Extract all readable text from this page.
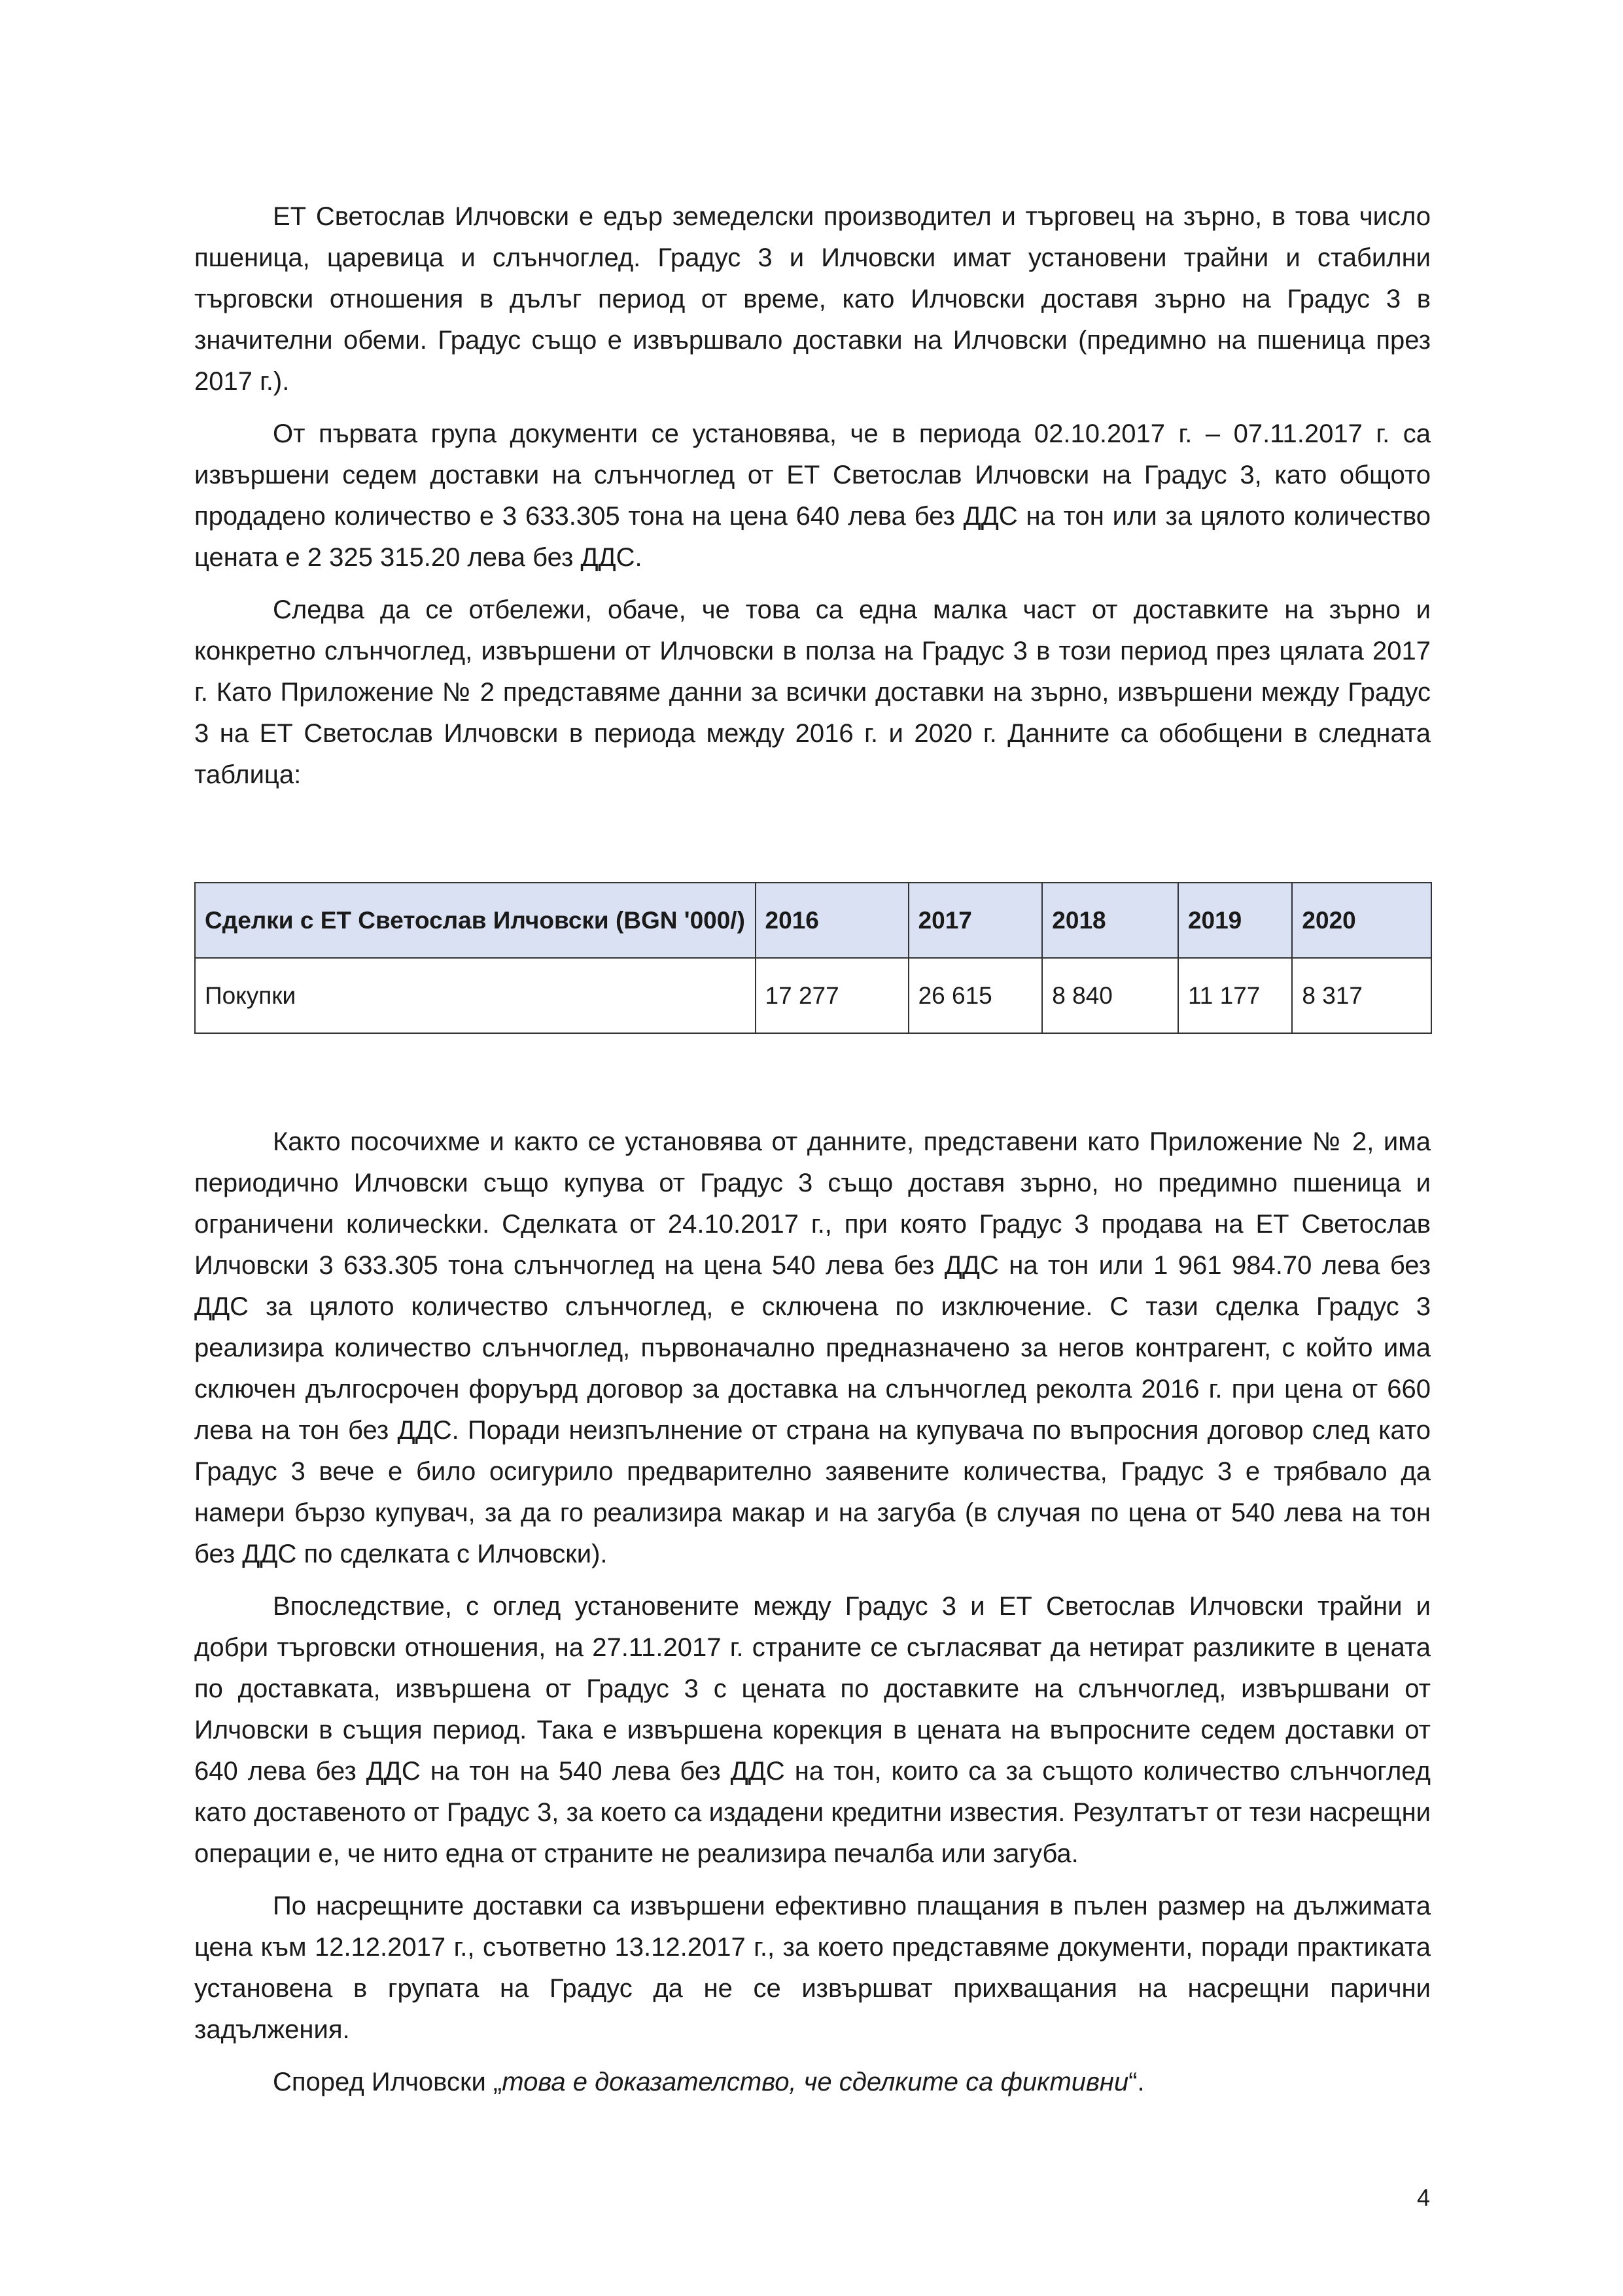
ЕТ Светослав Илчовски е едър земеделски производител и търговец на зърно, в това число пшеница, царевица и слънчоглед. Градус 3 и Илчовски имат установени трайни и стабилни търговски отношения в дълъг период от време, като Илчовски доставя зърно на Градус 3 в значителни обеми. Градус също е извършвало доставки на Илчовски (предимно на пшеница през 2017 г.).

От първата група документи се установява, че в периода 02.10.2017 г. – 07.11.2017 г. са извършени седем доставки на слънчоглед от ЕТ Светослав Илчовски на Градус 3, като общото продадено количество е 3 633.305 тона на цена 640 лева без ДДС на тон или за цялото количество цената е 2 325 315.20 лева без ДДС.

Следва да се отбележи, обаче, че това са една малка част от доставките на зърно и конкретно слънчоглед, извършени от Илчовски в полза на Градус 3 в този период през цялата 2017 г. Като Приложение № 2 представяме данни за всички доставки на зърно, извършени между Градус 3 на ЕТ Светослав Илчовски в периода между 2016 г. и 2020 г. Данните са обобщени в следната таблица:

Сделки с ЕТ Светослав Илчовски (BGN '000/)	2016	2017	2018	2019	2020
Покупки	17 277	26 615	8 840	11 177	8 317

Както посочихме и както се установява от данните, представени като Приложение № 2, има периодично Илчовски също купува от Градус 3 също доставя зърно, но предимно пшеница и ограничени количесkки. Сделката от 24.10.2017 г., при която Градус 3 продава на ЕТ Светослав Илчовски 3 633.305 тона слънчоглед на цена 540 лева без ДДС на тон или 1 961 984.70 лева без ДДС за цялото количество слънчоглед, е сключена по изключение. С тази сделка Градус 3 реализира количество слънчоглед, първоначално предназначено за негов контрагент, с който има сключен дългосрочен форуърд договор за доставка на слънчоглед реколта 2016 г. при цена от 660 лева на тон без ДДС. Поради неизпълнение от страна на купувача по въпросния договор след като Градус 3 вече е било осигурило предварително заявените количества, Градус 3 е трябвало да намери бързо купувач, за да го реализира макар и на загуба (в случая по цена от 540 лева на тон без ДДС по сделката с Илчовски).

Впоследствие, с оглед установените между Градус 3 и ЕТ Светослав Илчовски трайни и добри търговски отношения, на 27.11.2017 г. страните се съгласяват да нетират разликите в цената по доставката, извършена от Градус 3 с цената по доставките на слънчоглед, извършвани от Илчовски в същия период. Така е извършена корекция в цената на въпросните седем доставки от 640 лева без ДДС на тон на 540 лева без ДДС на тон, които са за същото количество слънчоглед като доставеното от Градус 3, за което са издадени кредитни известия. Резултатът от тези насрещни операции е, че нито една от страните не реализира печалба или загуба.

По насрещните доставки са извършени ефективно плащания в пълен размер на дължимата цена към 12.12.2017 г., съответно 13.12.2017 г., за което представяме документи, поради практиката установена в групата на Градус да не се извършват прихващания на насрещни парични задължения.

Според Илчовски „това е доказателство, че сделките са фиктивни“.

4
